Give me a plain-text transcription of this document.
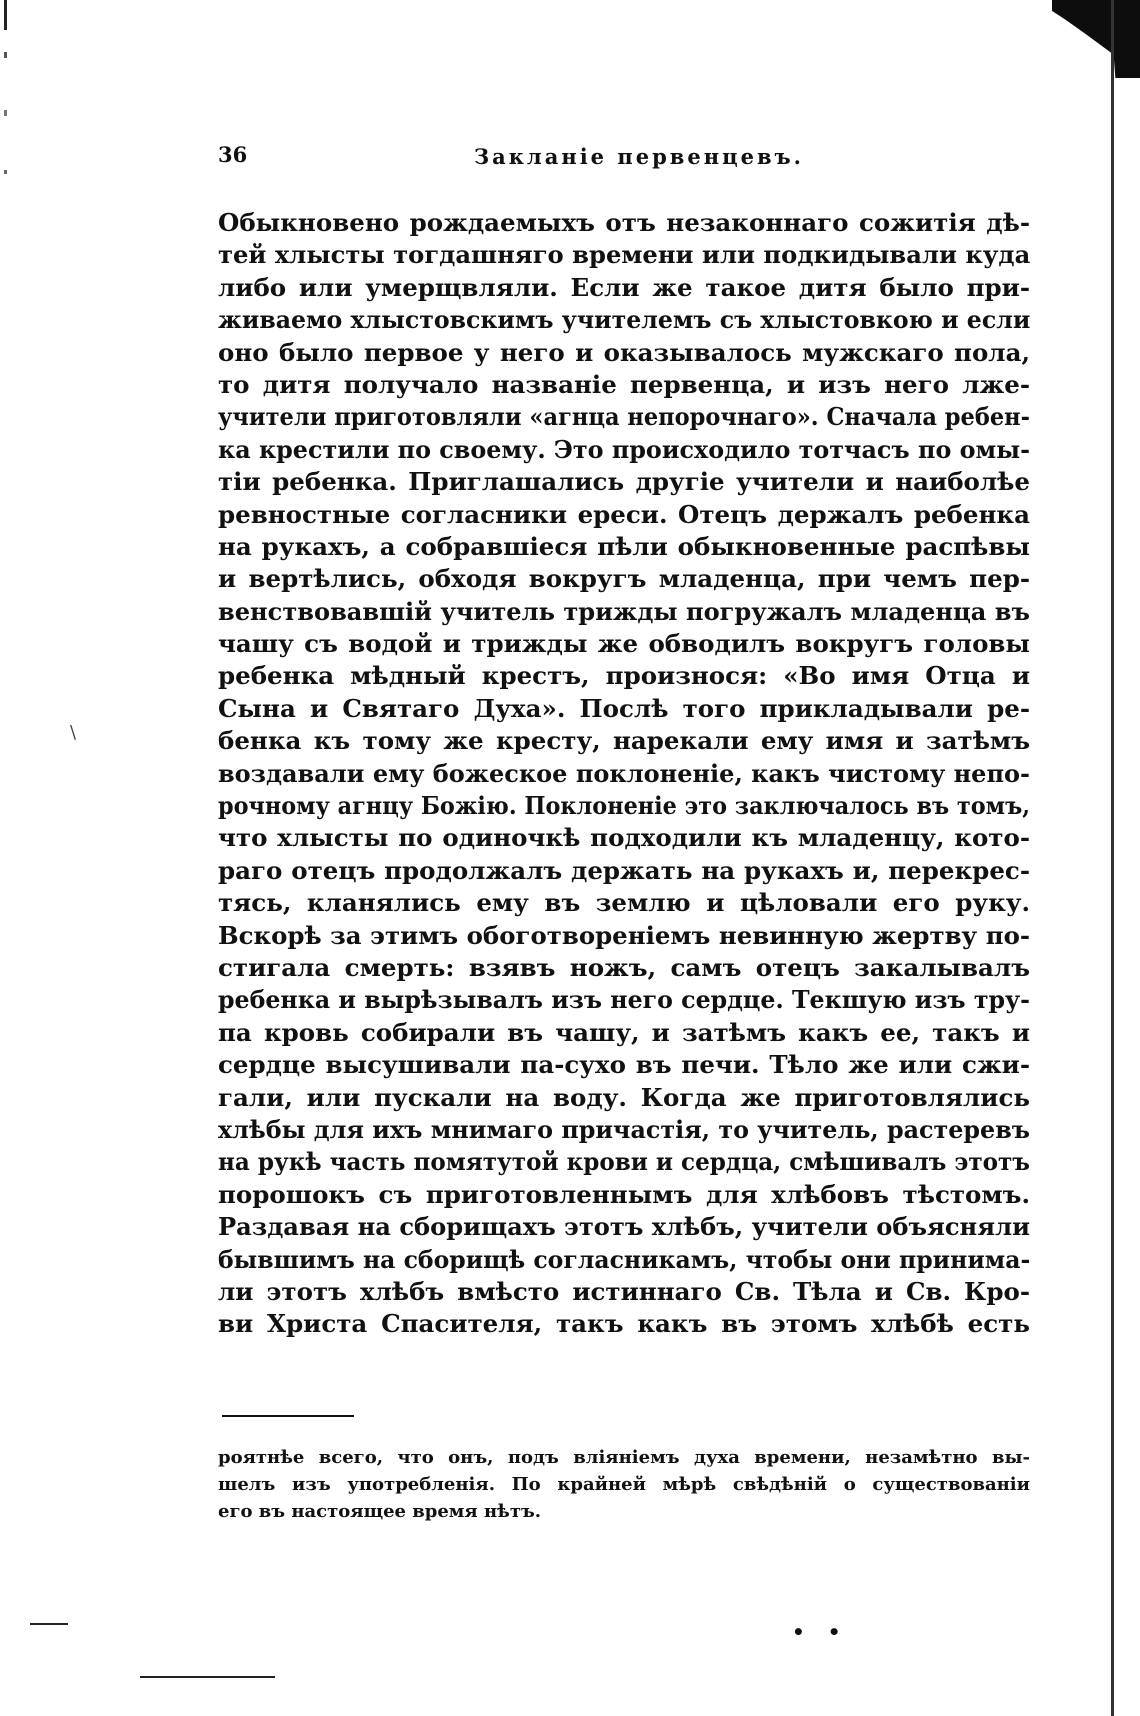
\
36	Закланіе первенцевъ.
Обыкновено рождаемыхъ отъ незаконнаго сожитія дѣ-
тей хлысты тогдашняго времени или подкидывали куда
либо или умерщвляли. Если же такое дитя было при-
живаемо хлыстовскимъ учителемъ съ хлыстовкою и если
оно было первое у него и оказывалось мужскаго пола,
то дитя получало названіе первенца, и изъ него лже-
учители приготовляли «агнца непорочнаго». Сначала ребен-
ка крестили по своему. Это происходило тотчасъ по омы-
тіи ребенка. Приглашались другіе учители и наиболѣе
ревностные согласники ереси. Отецъ держалъ ребенка
на рукахъ, а собравшіеся пѣли обыкновенные распѣвы
и вертѣлись, обходя вокругъ младенца, при чемъ пер-
венствовавшій учитель трижды погружалъ младенца въ
чашу съ водой и трижды же обводилъ вокругъ головы
ребенка мѣдный крестъ, произнося: «Во имя Отца и
Сына и Святаго Духа». Послѣ того прикладывали ре-
бенка къ тому же кресту, нарекали ему имя и затѣмъ
воздавали ему божеское поклоненіе, какъ чистому непо-
рочному агнцу Божію. Поклоненіе это заключалось въ томъ,
что хлысты по одиночкѣ подходили къ младенцу, кото-
раго отецъ продолжалъ держать на рукахъ и, перекрес-
тясь, кланялись ему въ землю и цѣловали его руку.
Вскорѣ за этимъ обоготвореніемъ невинную жертву по-
стигала смерть: взявъ ножъ, самъ отецъ закалывалъ
ребенка и вырѣзывалъ изъ него сердце. Текшую изъ тру-
па кровь собирали въ чашу, и затѣмъ какъ ее, такъ и
сердце высушивали па-сухо въ печи. Тѣло же или сжи-
гали, или пускали на воду. Когда же приготовлялись
хлѣбы для ихъ мнимаго причастія, то учитель, растеревъ
на рукѣ часть помятутой крови и сердца, смѣшивалъ этотъ
порошокъ съ приготовленнымъ для хлѣбовъ тѣстомъ.
Раздавая на сборищахъ этотъ хлѣбъ, учители объясняли
бывшимъ на сборищѣ согласникамъ, чтобы они принима-
ли этотъ хлѣбъ вмѣсто истиннаго Св. Тѣла и Св. Кро-
ви Христа Спасителя, такъ какъ въ этомъ хлѣбѣ есть
роятнѣе всего, что онъ, подъ вліяніемъ духа времени, незамѣтно вы-
шелъ изъ употребленія. По крайней мѣрѣ свѣдѣній о существованіи
его въ настоящее время нѣтъ.
• •
